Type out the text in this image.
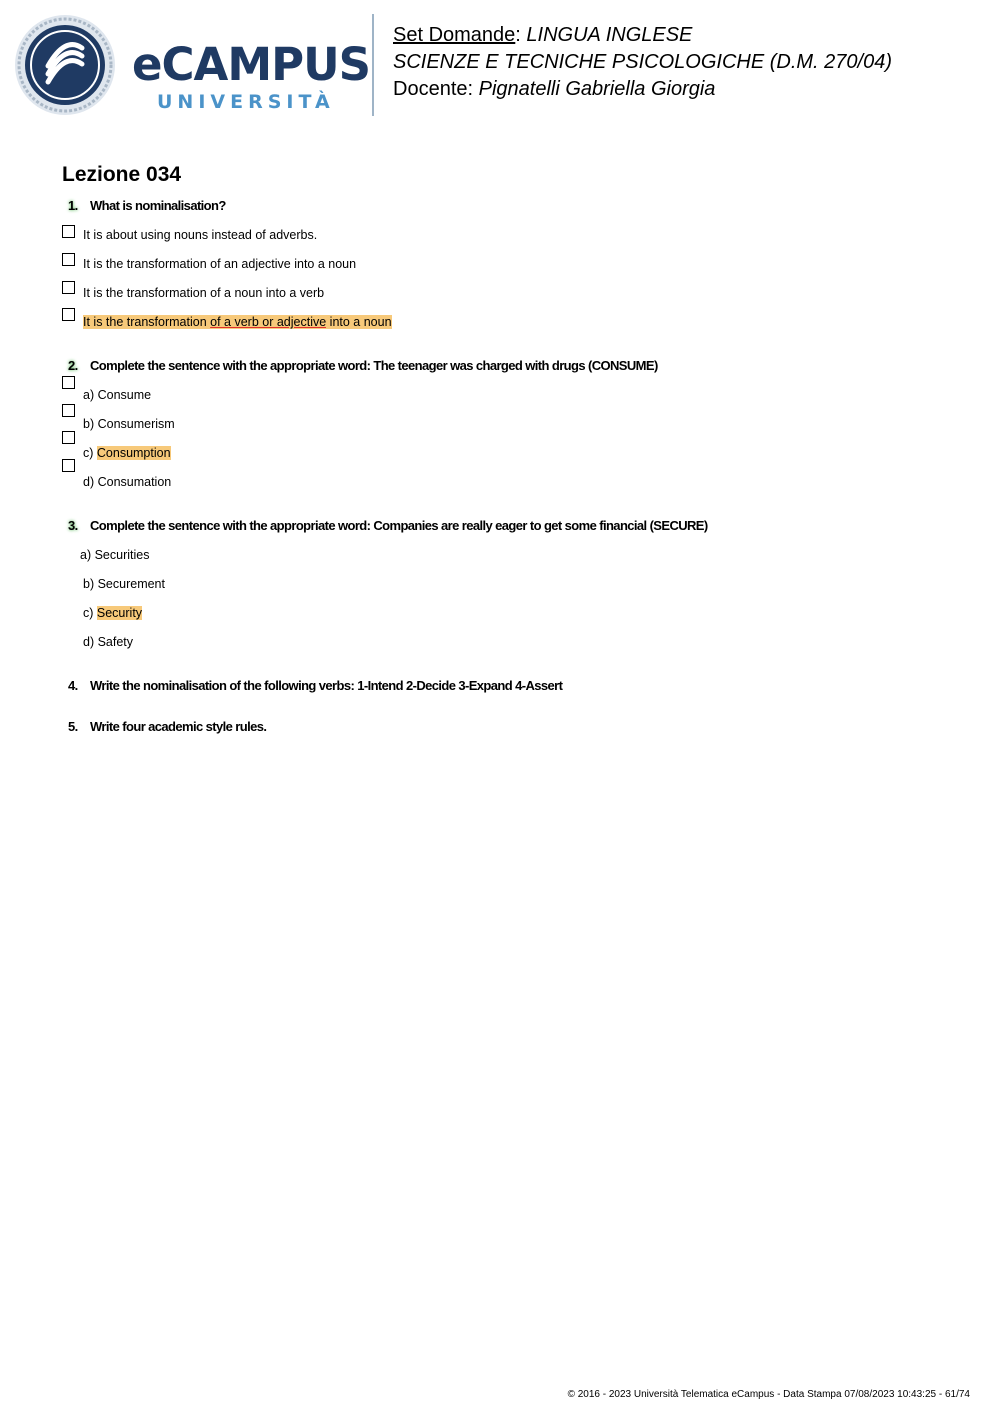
eCAMPUS
UNIVERSITÀ
Set Domande: LINGUA INGLESE
SCIENZE E TECNICHE PSICOLOGICHE (D.M. 270/04)
Docente: Pignatelli Gabriella Giorgia
Lezione 034
1. What is nominalisation?
It is about using nouns instead of adverbs.
It is the transformation of an adjective into a noun
It is the transformation of a noun into a verb
It is the transformation of a verb or adjective into a noun
2. Complete the sentence with the appropriate word: The teenager was charged with drugs (CONSUME)
a) Consume
b) Consumerism
c) Consumption
d) Consumation
3. Complete the sentence with the appropriate word: Companies are really eager to get some financial (SECURE)
a) Securities
b) Securement
c) Security
d) Safety
4. Write the nominalisation of the following verbs: 1-Intend 2-Decide 3-Expand 4-Assert
5. Write four academic style rules.
© 2016 - 2023 Università Telematica eCampus - Data Stampa 07/08/2023 10:43:25 - 61/74
